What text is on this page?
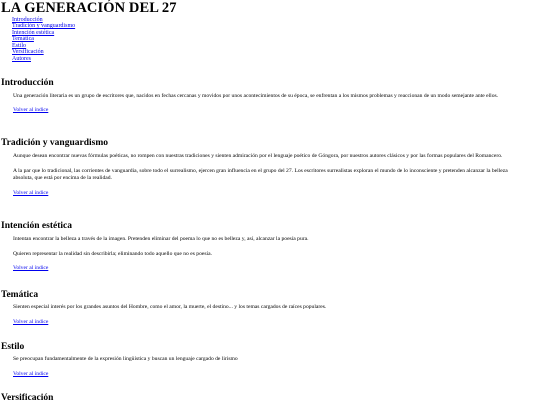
LA GENERACIÓN DEL 27
Introducción
Tradición y vanguardismo
Intención estética
Temática
Estilo
Versificación
Autores
Introducción

Una generación literaria es un grupo de escritores que, nacidos en fechas cercanas y movidos por unos acontecimientos de su época, se enfrentan a los mismos problemas y reaccionan de un modo semejante ante ellos.

Volver al índice

Tradición y vanguardismo

Aunque desean encontrar nuevas fórmulas poéticas, no rompen con nuestras tradiciones y sienten admiración por el lenguaje poético de Góngora, por nuestros autores clásicos y por las formas populares del Romancero.

A la par que lo tradicional, las corrientes de vanguardia, sobre todo el surrealismo, ejercen gran influencia en el grupo del 27. Los escritores surrealistas exploran el mundo de lo inconsciente y pretenden alcanzar la belleza absoluta, que está por encima de la realidad.

Volver al índice

Intención estética

Intentan encontrar la belleza a través de la imagen. Pretenden eliminar del poema lo que no es belleza y, así, alcanzar la poesía pura.

Quieren representar la realidad sin describirla; eliminando todo aquello que no es poesía.

Volver al índice

Temática

Sienten especial interés por los grandes asuntos del Hombre, como el amor, la muerte, el destino... y los temas cargados de raíces populares.

Volver al índice

Estilo

Se preocupan fundamentalmente de la expresión lingüística y buscan un lenguaje cargado de lirismo

Volver al índice

Versificación
